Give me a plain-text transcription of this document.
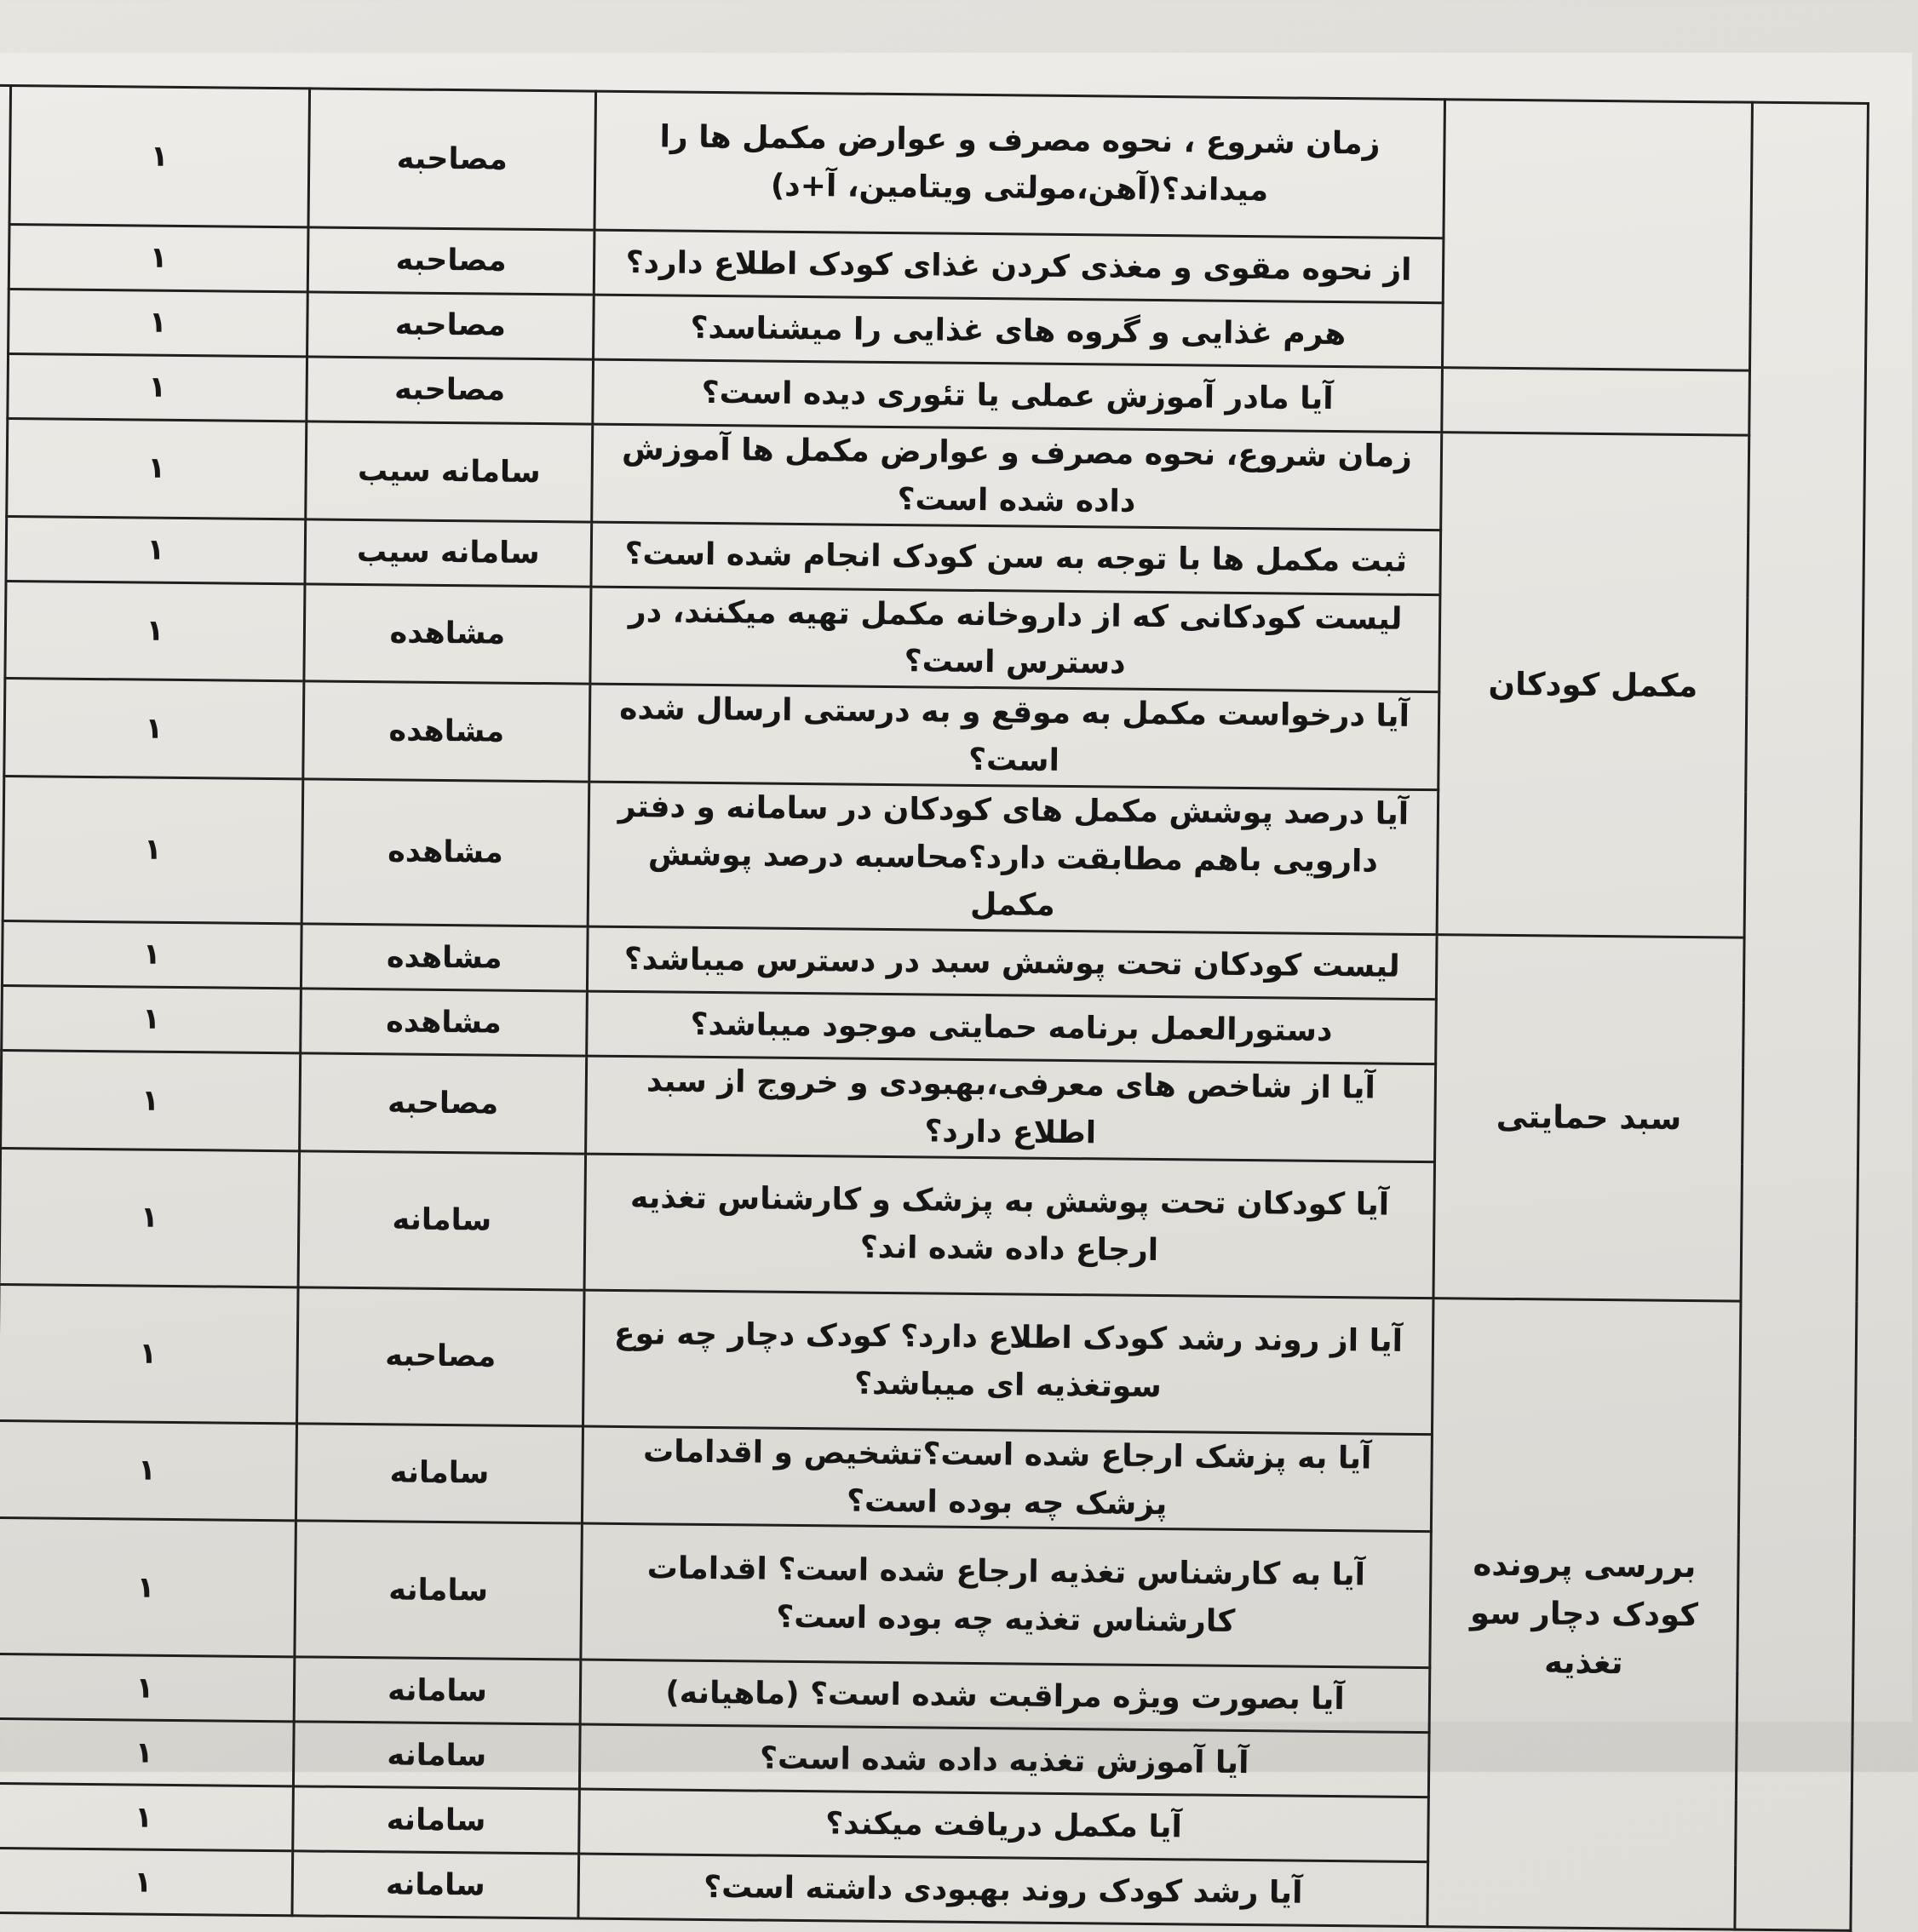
		زمان شروع ، نحوه مصرف و عوارض مکمل ها را میداند؟(آهن،مولتی ویتامین، آ+د)	مصاحبه	۱	
		از نحوه مقوی و مغذی کردن غذای کودک اطلاع دارد؟	مصاحبه	۱	
		هرم غذایی و گروه های غذایی را میشناسد؟	مصاحبه	۱	
		آیا مادر آموزش عملی یا تئوری دیده است؟	مصاحبه	۱	
	مکمل کودکان	زمان شروع، نحوه مصرف و عوارض مکمل ها آموزش داده شده است؟	سامانه سیب	۱	
		ثبت مکمل ها با توجه به سن کودک انجام شده است؟	سامانه سیب	۱	
		لیست کودکانی که از داروخانه مکمل تهیه میکنند، در دسترس است؟	مشاهده	۱	
		آیا درخواست مکمل به موقع و به درستی ارسال شده است؟	مشاهده	۱	
		آیا درصد پوشش مکمل های کودکان در سامانه و دفتر دارویی باهم مطابقت دارد؟محاسبه درصد پوشش مکمل	مشاهده	۱	
	سبد حمایتی	لیست کودکان تحت پوشش سبد در دسترس میباشد؟	مشاهده	۱	
		دستورالعمل برنامه حمایتی موجود میباشد؟	مشاهده	۱	
		آیا از شاخص های معرفی،بهبودی و خروج از سبد اطلاع دارد؟	مصاحبه	۱	
		آیا کودکان تحت پوشش به پزشک و کارشناس تغذیه ارجاع داده شده اند؟	سامانه	۱	
	بررسی پرونده کودک دچار سو تغذیه	آیا از روند رشد کودک اطلاع دارد؟ کودک دچار چه نوع سوتغذیه ای میباشد؟	مصاحبه	۱	
		آیا به پزشک ارجاع شده است؟تشخیص و اقدامات پزشک چه بوده است؟	سامانه	۱	
		آیا به کارشناس تغذیه ارجاع شده است؟ اقدامات کارشناس تغذیه چه بوده است؟	سامانه	۱	
		آیا بصورت ویژه مراقبت شده است؟ (ماهیانه)	سامانه	۱	
		آیا آموزش تغذیه داده شده است؟	سامانه	۱	
		آیا مکمل دریافت میکند؟	سامانه	۱	
		آیا رشد کودک روند بهبودی داشته است؟	سامانه	۱	
